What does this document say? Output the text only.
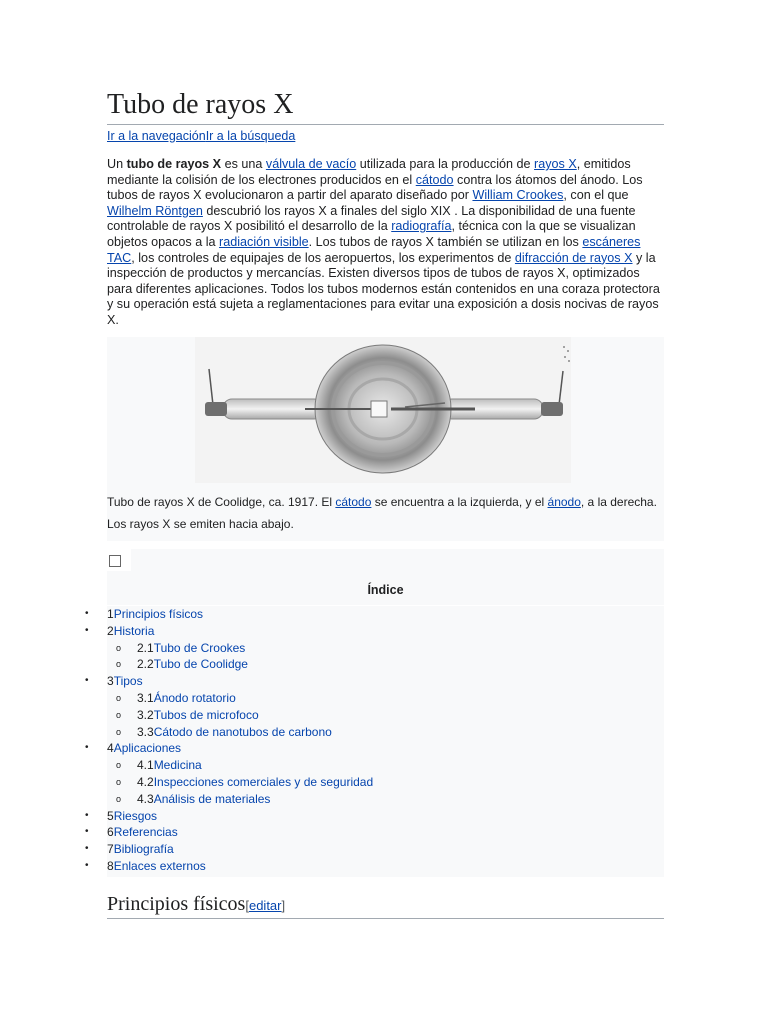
Tubo de rayos X
Ir a la navegaciónIr a la búsqueda

Un tubo de rayos X es una válvula de vacío utilizada para la producción de rayos X, emitidos mediante la colisión de los electrones producidos en el cátodo contra los átomos del ánodo. Los tubos de rayos X evolucionaron a partir del aparato diseñado por William Crookes, con el que Wilhelm Röntgen descubrió los rayos X a finales del siglo XIX . La disponibilidad de una fuente controlable de rayos X posibilitó el desarrollo de la radiografía, técnica con la que se visualizan objetos opacos a la radiación visible. Los tubos de rayos X también se utilizan en los escáneres TAC, los controles de equipajes de los aeropuertos, los experimentos de difracción de rayos X y la inspección de productos y mercancías. Existen diversos tipos de tubos de rayos X, optimizados para diferentes aplicaciones. Todos los tubos modernos están contenidos en una coraza protectora y su operación está sujeta a reglamentaciones para evitar una exposición a dosis nocivas de rayos X.

Tubo de rayos X de Coolidge, ca. 1917. El cátodo se encuentra a la izquierda, y el ánodo, a la derecha. Los rayos X se emiten hacia abajo.
Índice
• 1Principios físicos
• 2Historia
o 2.1Tubo de Crookes
o 2.2Tubo de Coolidge
• 3Tipos
o 3.1Ánodo rotatorio
o 3.2Tubos de microfoco
o 3.3Cátodo de nanotubos de carbono
• 4Aplicaciones
o 4.1Medicina
o 4.2Inspecciones comerciales y de seguridad
o 4.3Análisis de materiales
• 5Riesgos
• 6Referencias
• 7Bibliografía
• 8Enlaces externos
Principios físicos[editar]
